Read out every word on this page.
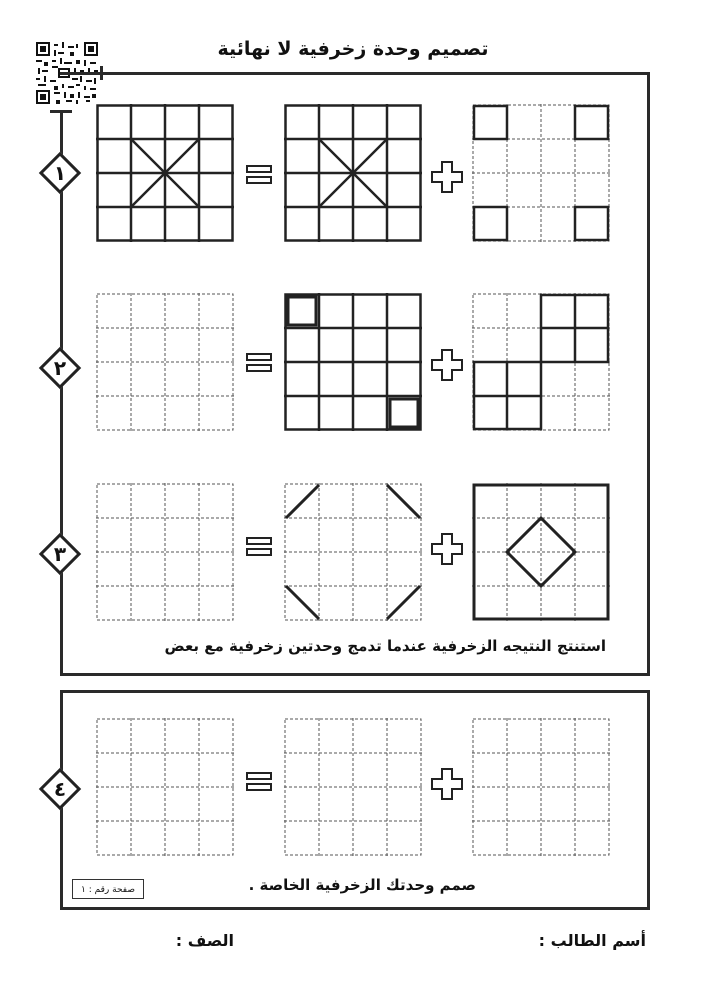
تصميم وحدة زخرفية لا نهائية
١
٢
٣
٤
استنتج النتيجه الزخرفية عندما تدمج وحدتين زخرفية مع بعض
صمم وحدتك الزخرفية الخاصة .
صفحة رقم : ١
أسم الطالب :
الصف :
